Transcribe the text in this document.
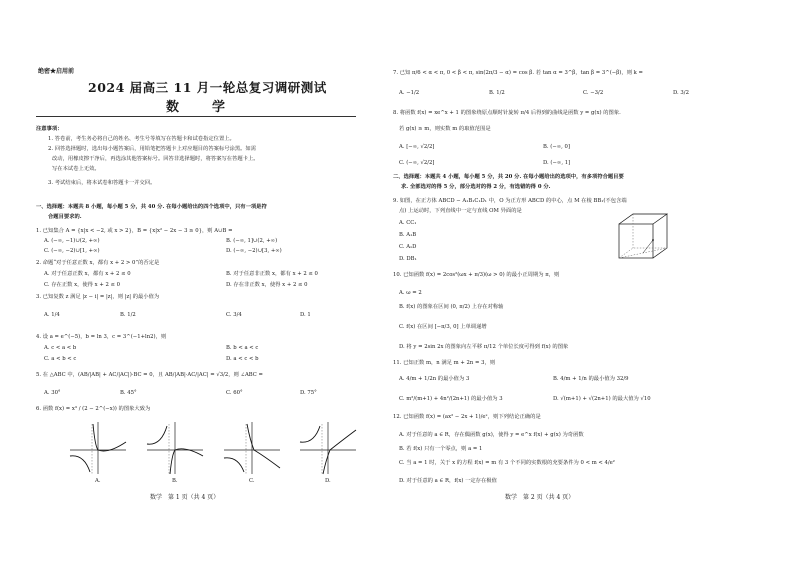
绝密★启用前
2024 届高三 11 月一轮总复习调研测试
数　学
注意事项：
1. 答卷前，考生务必将自己的姓名、考生号等填写在答题卡和试卷指定位置上。
2. 回答选择题时，选出每小题答案后，用铅笔把答题卡上对应题目的答案标号涂黑。如需
改动，用橡皮擦干净后，再选涂其他答案标号。回答非选择题时，将答案写在答题卡上。
写在本试卷上无效。
3. 考试结束后，将本试卷和答题卡一并交回。
一、选择题：本题共 8 小题，每小题 5 分，共 40 分. 在每小题给出的四个选项中，只有一项是符
合题目要求的.
1. 已知集合 A = {x|x < −2, 或 x > 2}，B = {x|x² − 2x − 3 ≥ 0}，则 A∪B =
A. (−∞, −1)∪(2, +∞)	B. (−∞, 1]∪(2, +∞)
C. (−∞, −2)∪[1, +∞)	D. (−∞, −2)∪[3, +∞)
2. 命题“对于任意正数 x，都有 x + 2 > 0”的否定是
A. 对于任意正数 x，都有 x + 2 ≤ 0	B. 对于任意非正数 x，都有 x + 2 ≤ 0
C. 存在正数 x，使得 x + 2 ≤ 0	D. 存在非正数 x，使得 x + 2 ≤ 0
3. 已知复数 z 满足 |z − i| = |z|，则 |z| 的最小值为
A. 1/4	B. 1/2	C. 3/4	D. 1
4. 设 a = e^(−5)，b = ln 3，c = 3^(−1+ln2)，则
A. c < a < b	B. b < a < c
C. a < b < c	D. a < c < b
5. 在 △ABC 中，(AB/|AB| + AC/|AC|)·BC = 0，且 AB/|AB|·AC/|AC| = √3/2，则 ∠ABC =
A. 30°	B. 45°	C. 60°	D. 75°
6. 函数 f(x) = x³ / (2 − 2^(−x)) 的图象大致为
A.	B.	C.	D.
数学　第 1 页（共 4 页）
7. 已知 π/6 < α < π, 0 < β < π, sin(2π/3 − α) = cos β. 若 tan α = 3^β，tan β = 3^(−β)，则 k =
A. −1/2	B. 1/2	C. −3/2	D. 3/2
8. 将函数 f(x) = xe^x + 1 的图象绕原点顺时针旋转 π/4 后得到的曲线是函数 y = g(x) 的图象.
若 g(x) ≥ m，则实数 m 的取值范围是
A. [−∞, √2/2]	B. (−∞, 0]
C. (−∞, √2/2]	D. (−∞, 1]
二、选择题：本题共 4 小题，每小题 5 分，共 20 分. 在每小题给出的选项中，有多项符合题目要
求. 全部选对的得 5 分，部分选对的得 2 分，有选错的得 0 分.
9. 如图，在正方体 ABCD − A₁B₁C₁D₁ 中，O 为正方形 ABCD 的中心，点 M 在棱 BB₁(不包含端
点) 上运动时，下列直线中一定与直线 OM 异面的是
A. CC₁
B. A₁B
C. A₁D
D. DB₁
10. 已知函数 f(x) = 2cos²(ωx + π/3)(ω > 0) 的最小正周期为 π，则
A. ω = 2
B. f(x) 的图象在区间 (0, π/2) 上存在对称轴
C. f(x) 在区间 [−π/3, 0] 上单调递增
D. 将 y = 2sin 2x 的图象向左平移 π/12 个单位长度可得到 f(x) 的图象
11. 已知正数 m，n 满足 m + 2n = 3，则
A. 4/m + 1/2n 的最小值为 3	B. 4/m + 1/n 的最小值为 32/9
C. m²/(m+1) + 4n²/(2n+1) 的最小值为 3	D. √(m+1) + √(2n+1) 的最大值为 √10
12. 已知函数 f(x) = (ax² − 2x + 1)/eˣ，则下列结论正确的是
A. 对于任意的 a ∈ R，存在偶函数 g(x)，使得 y = e^x f(x) + g(x) 为奇函数
B. 若 f(x) 只有一个零点，则 a = 1
C. 当 a = 1 时，关于 x 的方程 f(x) = m 有 3 个不同的实数根的充要条件为 0 < m < 4/e²
D. 对于任意的 a ∈ R，f(x) 一定存在极值
数学　第 2 页（共 4 页）
